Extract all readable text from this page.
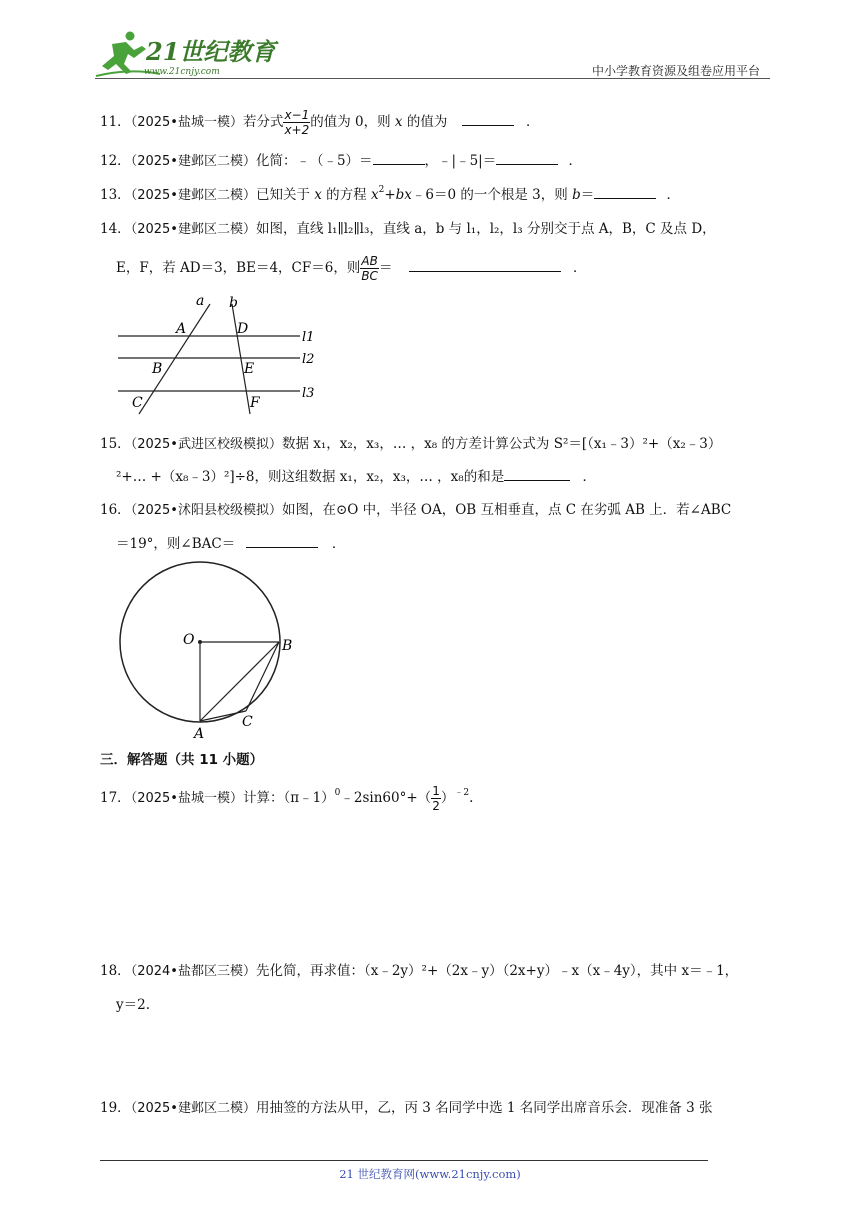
21世纪教育
www.21cnjy.com	中小学教育资源及组卷应用平台
11．（2025•盐城一模）若分式 $\frac{x-1}{x+2}$ 的值为 0，则 x 的值为	．
12．（2025•建邺区二模）化简：﹣（﹣5）＝	，﹣|﹣5|＝	．
13．（2025•建邺区二模）已知关于 x 的方程 $x^2+bx﹣6=0$ 的一个根是 3，则 b＝	．
14．（2025•建邺区二模）如图，直线 l₁∥l₂∥l₃，直线 a，b 与 l₁，l₂，l₃ 分别交于点 A，B，C 及点 D，
E，F，若 AD＝3，BE＝4，CF＝6，则 $\frac{AB}{BC}$ ＝	．
a b
A	D
B	E
C	F
l1
l2
l3
15．（2025•武进区校级模拟）数据 x₁，x₂，x₃，… ，x₈ 的方差计算公式为 S²＝[（x₁﹣3）²+（x₂﹣3）
²+… +（x₈﹣3）²]÷8，则这组数据 x₁，x₂，x₃，… ，x₈的和是	．
16．（2025•沭阳县校级模拟）如图，在⊙O 中，半径 OA，OB 互相垂直，点 C 在劣弧 AB 上．若∠ABC
＝19°，则∠BAC＝	．
O	B
A
C
三．解答题（共 11 小题）
17．（2025•盐城一模）计算：（π﹣1）$^0$﹣2sin60°+（ $\frac{1}{2} )^{﹣2}$.
18．（2024•盐都区三模）先化简，再求值：（x﹣2y）²+（2x﹣y）（2x+y）﹣x（x﹣4y），其中 x＝﹣1，
y＝2.
19．（2025•建邺区二模）用抽签的方法从甲，乙，丙 3 名同学中选 1 名同学出席音乐会．现准备 3 张
21 世纪教育网(www.21cnjy.com)
